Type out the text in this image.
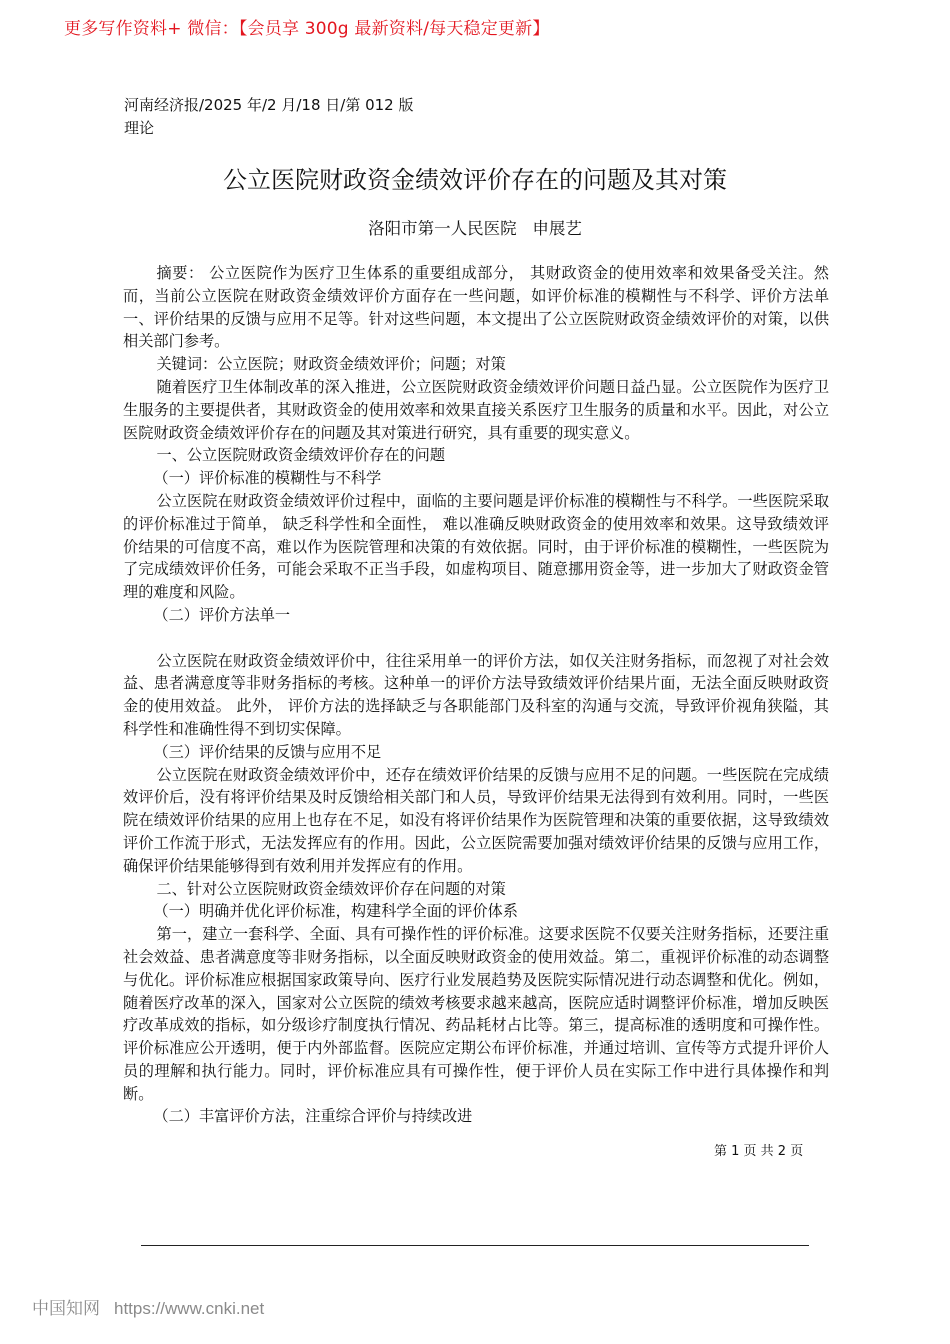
更多写作资料+ 微信：【会员享 300g 最新资料/每天稳定更新】
河南经济报/2025 年/2 月/18 日/第 012 版理论
公立医院财政资金绩效评价存在的问题及其对策
洛阳市第一人民医院   申展艺

摘要： 公立医院作为医疗卫生体系的重要组成部分， 其财政资金的使用效率和效果备受关注。然而，当前公立医院在财政资金绩效评价方面存在一些问题，如评价标准的模糊性与不科学、评价方法单一、评价结果的反馈与应用不足等。针对这些问题，本文提出了公立医院财政资金绩效评价的对策，以供相关部门参考。

关键词：公立医院；财政资金绩效评价；问题；对策

随着医疗卫生体制改革的深入推进，公立医院财政资金绩效评价问题日益凸显。公立医院作为医疗卫生服务的主要提供者，其财政资金的使用效率和效果直接关系医疗卫生服务的质量和水平。因此，对公立医院财政资金绩效评价存在的问题及其对策进行研究，具有重要的现实意义。

一、公立医院财政资金绩效评价存在的问题

（一）评价标准的模糊性与不科学

公立医院在财政资金绩效评价过程中，面临的主要问题是评价标准的模糊性与不科学。一些医院采取的评价标准过于简单， 缺乏科学性和全面性， 难以准确反映财政资金的使用效率和效果。这导致绩效评价结果的可信度不高，难以作为医院管理和决策的有效依据。同时，由于评价标准的模糊性，一些医院为了完成绩效评价任务，可能会采取不正当手段，如虚构项目、随意挪用资金等，进一步加大了财政资金管理的难度和风险。

（二）评价方法单一

公立医院在财政资金绩效评价中，往往采用单一的评价方法，如仅关注财务指标，而忽视了对社会效益、患者满意度等非财务指标的考核。这种单一的评价方法导致绩效评价结果片面，无法全面反映财政资金的使用效益。 此外， 评价方法的选择缺乏与各职能部门及科室的沟通与交流，导致评价视角狭隘，其科学性和准确性得不到切实保障。

（三）评价结果的反馈与应用不足

公立医院在财政资金绩效评价中，还存在绩效评价结果的反馈与应用不足的问题。一些医院在完成绩效评价后，没有将评价结果及时反馈给相关部门和人员，导致评价结果无法得到有效利用。同时，一些医院在绩效评价结果的应用上也存在不足，如没有将评价结果作为医院管理和决策的重要依据，这导致绩效评价工作流于形式，无法发挥应有的作用。因此，公立医院需要加强对绩效评价结果的反馈与应用工作，确保评价结果能够得到有效利用并发挥应有的作用。

二、针对公立医院财政资金绩效评价存在问题的对策

（一）明确并优化评价标准，构建科学全面的评价体系

第一，建立一套科学、全面、具有可操作性的评价标准。这要求医院不仅要关注财务指标，还要注重社会效益、患者满意度等非财务指标，以全面反映财政资金的使用效益。第二，重视评价标准的动态调整与优化。评价标准应根据国家政策导向、医疗行业发展趋势及医院实际情况进行动态调整和优化。例如，随着医疗改革的深入，国家对公立医院的绩效考核要求越来越高，医院应适时调整评价标准，增加反映医疗改革成效的指标，如分级诊疗制度执行情况、药品耗材占比等。第三，提高标准的透明度和可操作性。评价标准应公开透明，便于内外部监督。医院应定期公布评价标准，并通过培训、宣传等方式提升评价人员的理解和执行能力。同时，评价标准应具有可操作性，便于评价人员在实际工作中进行具体操作和判断。

（二）丰富评价方法，注重综合评价与持续改进

第 1 页 共 2 页
中国知网 https://www.cnki.net
